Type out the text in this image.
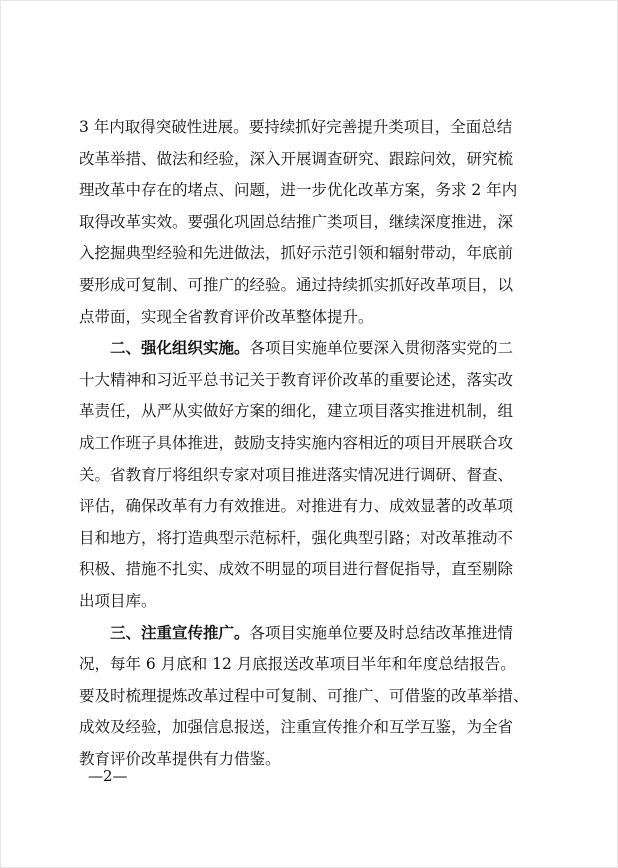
3 年内取得突破性进展。要持续抓好完善提升类项目，全面总结
改革举措、做法和经验，深入开展调查研究、跟踪问效，研究梳
理改革中存在的堵点、问题，进一步优化改革方案，务求 2 年内
取得改革实效。要强化巩固总结推广类项目，继续深度推进，深
入挖掘典型经验和先进做法，抓好示范引领和辐射带动，年底前
要形成可复制、可推广的经验。通过持续抓实抓好改革项目，以
点带面，实现全省教育评价改革整体提升。
二、强化组织实施。各项目实施单位要深入贯彻落实党的二
十大精神和习近平总书记关于教育评价改革的重要论述，落实改
革责任，从严从实做好方案的细化，建立项目落实推进机制，组
成工作班子具体推进，鼓励支持实施内容相近的项目开展联合攻
关。省教育厅将组织专家对项目推进落实情况进行调研、督查、
评估，确保改革有力有效推进。对推进有力、成效显著的改革项
目和地方，将打造典型示范标杆，强化典型引路；对改革推动不
积极、措施不扎实、成效不明显的项目进行督促指导，直至剔除
出项目库。
三、注重宣传推广。各项目实施单位要及时总结改革推进情
况，每年 6 月底和 12 月底报送改革项目半年和年度总结报告。
要及时梳理提炼改革过程中可复制、可推广、可借鉴的改革举措、
成效及经验，加强信息报送，注重宣传推介和互学互鉴，为全省
教育评价改革提供有力借鉴。
—2—
